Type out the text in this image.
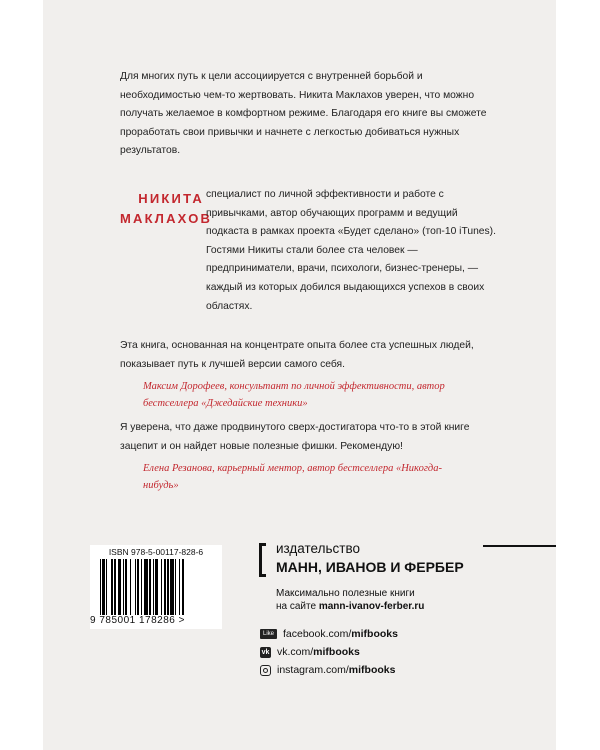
Для многих путь к цели ассоциируется с внутренней борьбой и необходимостью чем-то жертвовать. Никита Маклахов уверен, что можно получать желаемое в комфортном режиме. Благодаря его книге вы сможете проработать свои привычки и начнете с легкостью добиваться нужных результатов.
НИКИТА
МАКЛАХОВ
специалист по личной эффективности и работе с привычками, автор обучающих программ и ведущий подкаста в рамках проекта «Будет сделано» (топ-10 iTunes). Гостями Никиты стали более ста человек — предприниматели, врачи, психологи, бизнес-тренеры, — каждый из которых добился выдающихся успехов в своих областях.
Эта книга, основанная на концентрате опыта более ста успешных людей, показывает путь к лучшей версии самого себя.
Максим Дорофеев, консультант по личной эффективности, автор бестселлера «Джедайские техники»
Я уверена, что даже продвинутого сверх-достигатора что-то в этой книге зацепит и он найдет новые полезные фишки. Рекомендую!
Елена Резанова, карьерный ментор, автор бестселлера «Никогда-нибудь»
ISBN 978-5-00117-828-6
9 785001 178286 >
издательство
МАНН, ИВАНОВ И ФЕРБЕР
Максимально полезные книги
на сайте mann-ivanov-ferber.ru
Like facebook.com/ mifbooks
vk vk.com/ mifbooks
instagram.com/ mifbooks
